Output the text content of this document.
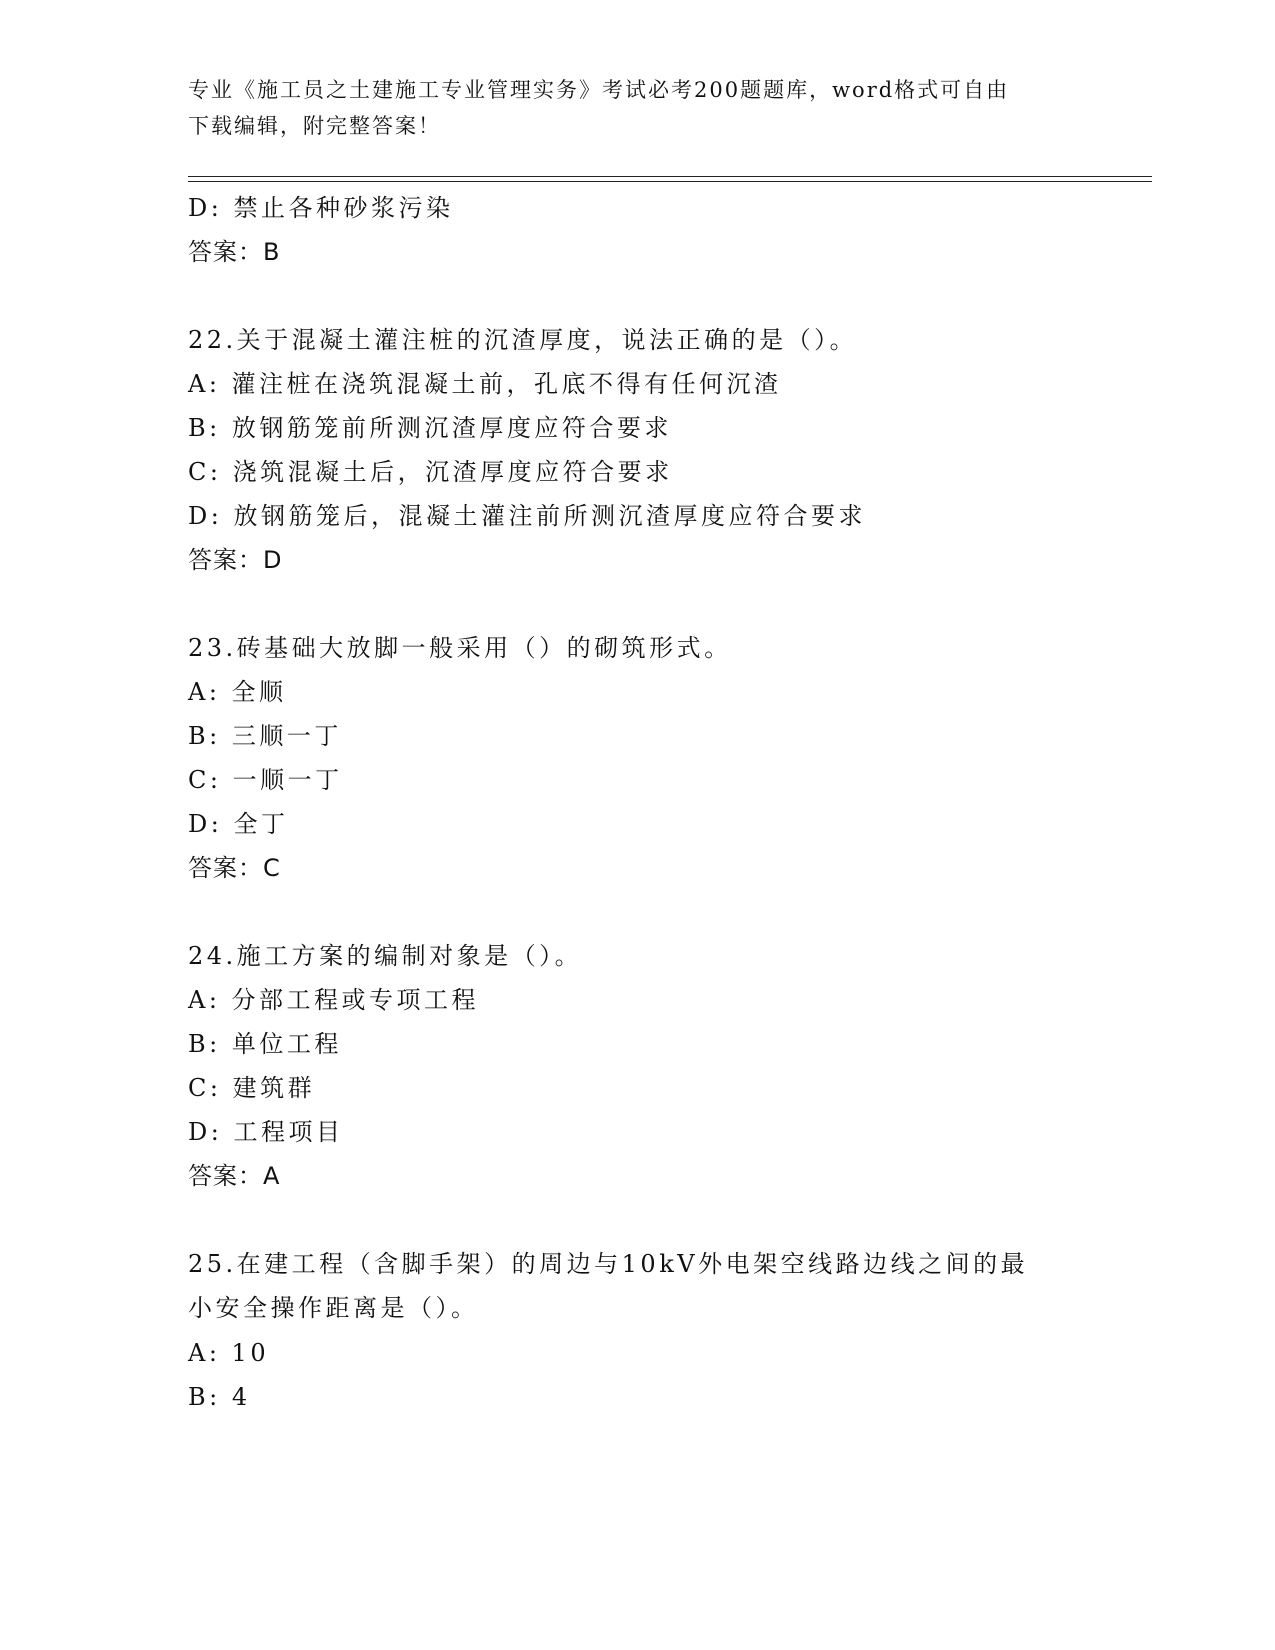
专业《施工员之土建施工专业管理实务》考试必考200题题库，word格式可自由
下载编辑，附完整答案！
D: 禁止各种砂浆污染
答案：B
22.关于混凝土灌注桩的沉渣厚度，说法正确的是（）。
A: 灌注桩在浇筑混凝土前，孔底不得有任何沉渣
B: 放钢筋笼前所测沉渣厚度应符合要求
C: 浇筑混凝土后，沉渣厚度应符合要求
D: 放钢筋笼后，混凝土灌注前所测沉渣厚度应符合要求
答案：D
23.砖基础大放脚一般采用（）的砌筑形式。
A: 全顺
B: 三顺一丁
C: 一顺一丁
D: 全丁
答案：C
24.施工方案的编制对象是（）。
A: 分部工程或专项工程
B: 单位工程
C: 建筑群
D: 工程项目
答案：A
25.在建工程（含脚手架）的周边与10kV外电架空线路边线之间的最
小安全操作距离是（）。
A: 10
B: 4
